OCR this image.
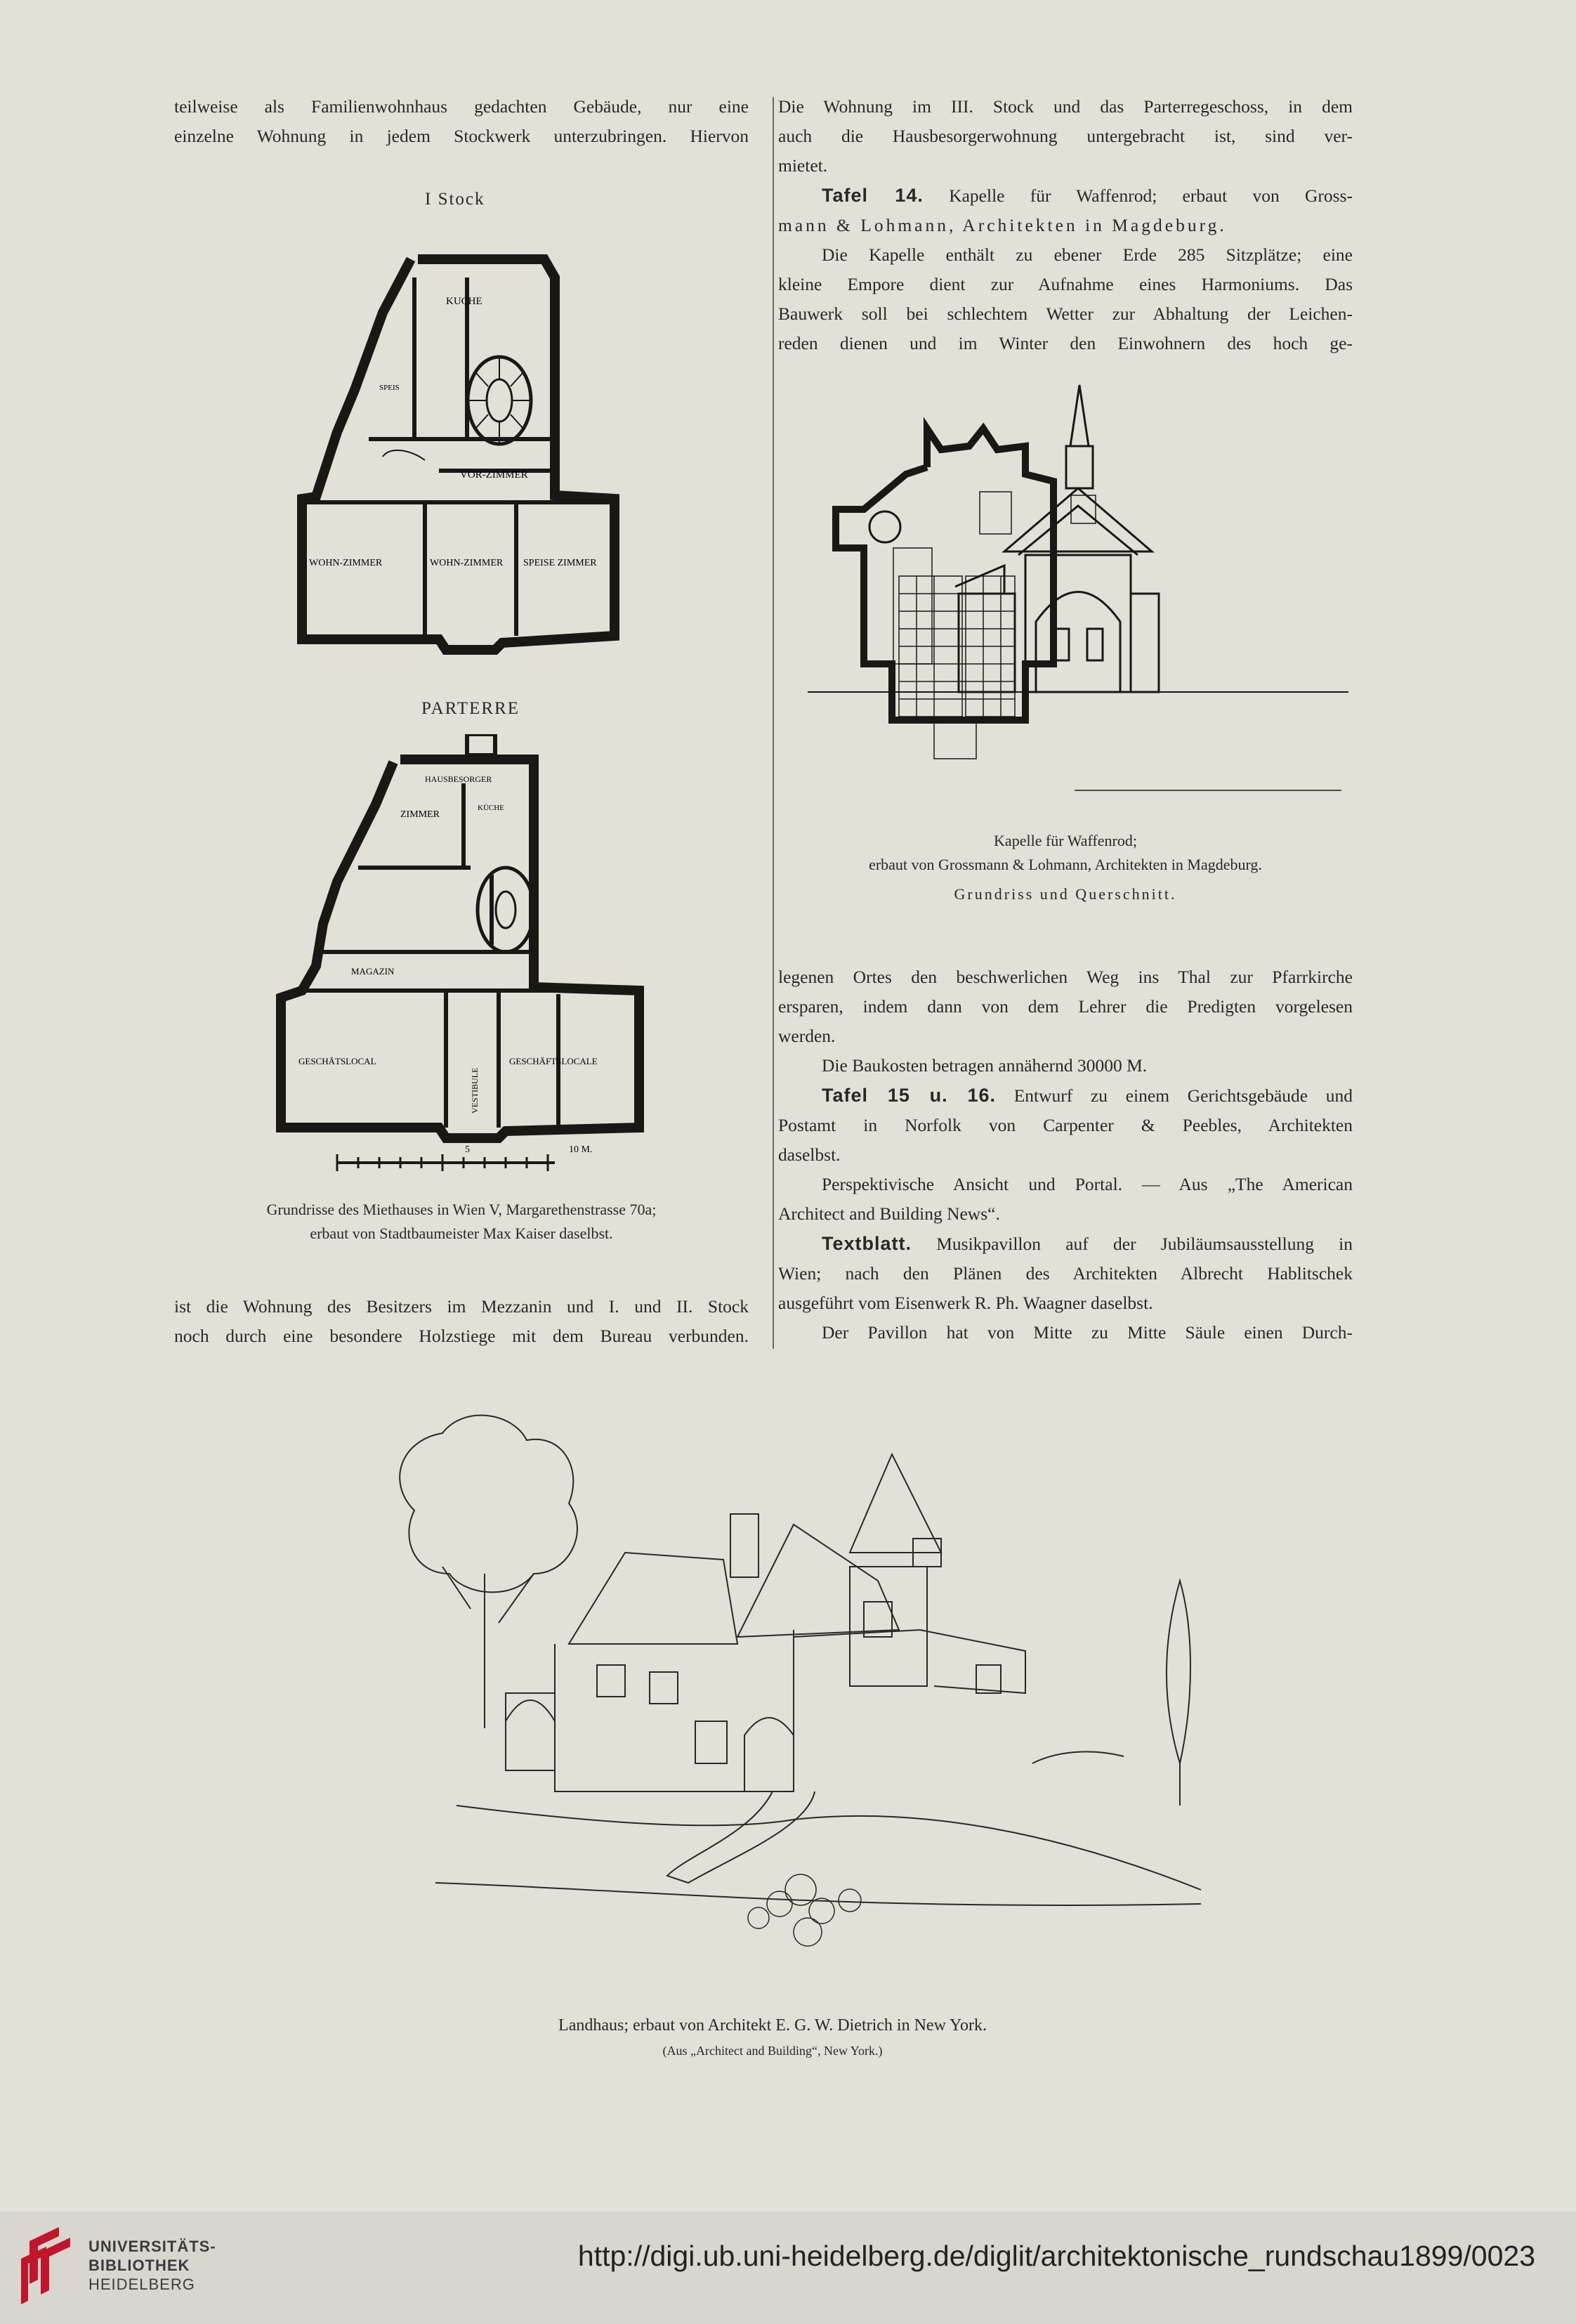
teilweise als Familienwohnhaus gedachten Gebäude, nur eine

einzelne Wohnung in jedem Stockwerk unterzubringen. Hiervon

I Stock
KUCHE
SPEIS
VOR-ZIMMER
WOHN-ZIMMER	WOHN-ZIMMER SPEISE ZIMMER
PARTERRE
HAUSBESORGER
ZIMMER
KÜCHE
MAGAZIN
GESCHÄTSLOCAL	GESCHÄFTSLOCALE
VESTIBULE
5	10 M.
Grundrisse des Miethauses in Wien V, Margarethenstrasse 70a;
erbaut von Stadtbaumeister Max Kaiser daselbst.

ist die Wohnung des Besitzers im Mezzanin und I. und II. Stock

noch durch eine besondere Holzstiege mit dem Bureau verbunden.

Die Wohnung im III. Stock und das Parterregeschoss, in dem

auch die Hausbesorgerwohnung untergebracht ist, sind ver-

mietet.

Tafel 14. Kapelle für Waffenrod; erbaut von Gross-

mann & Lohmann, Architekten in Magdeburg.

Die Kapelle enthält zu ebener Erde 285 Sitzplätze; eine

kleine Empore dient zur Aufnahme eines Harmoniums. Das

Bauwerk soll bei schlechtem Wetter zur Abhaltung der Leichen-

reden dienen und im Winter den Einwohnern des hoch ge-

Kapelle für Waffenrod;
erbaut von Grossmann & Lohmann, Architekten in Magdeburg.
Grundriss und Querschnitt.

legenen Ortes den beschwerlichen Weg ins Thal zur Pfarrkirche

ersparen, indem dann von dem Lehrer die Predigten vorgelesen

werden.

Die Baukosten betragen annähernd 30000 M.

Tafel 15 u. 16. Entwurf zu einem Gerichtsgebäude und

Postamt in Norfolk von Carpenter & Peebles, Architekten

daselbst.

Perspektivische Ansicht und Portal. — Aus „The American

Architect and Building News“.

Textblatt. Musikpavillon auf der Jubiläumsausstellung in

Wien; nach den Plänen des Architekten Albrecht Hablitschek

ausgeführt vom Eisenwerk R. Ph. Waagner daselbst.

Der Pavillon hat von Mitte zu Mitte Säule einen Durch-

Landhaus; erbaut von Architekt E. G. W. Dietrich in New York.
(Aus „Architect and Building“, New York.)
UNIVERSITÄTS-
BIBLIOTHEK
HEIDELBERG
http://digi.ub.uni-heidelberg.de/diglit/architektonische_rundschau1899/0023
